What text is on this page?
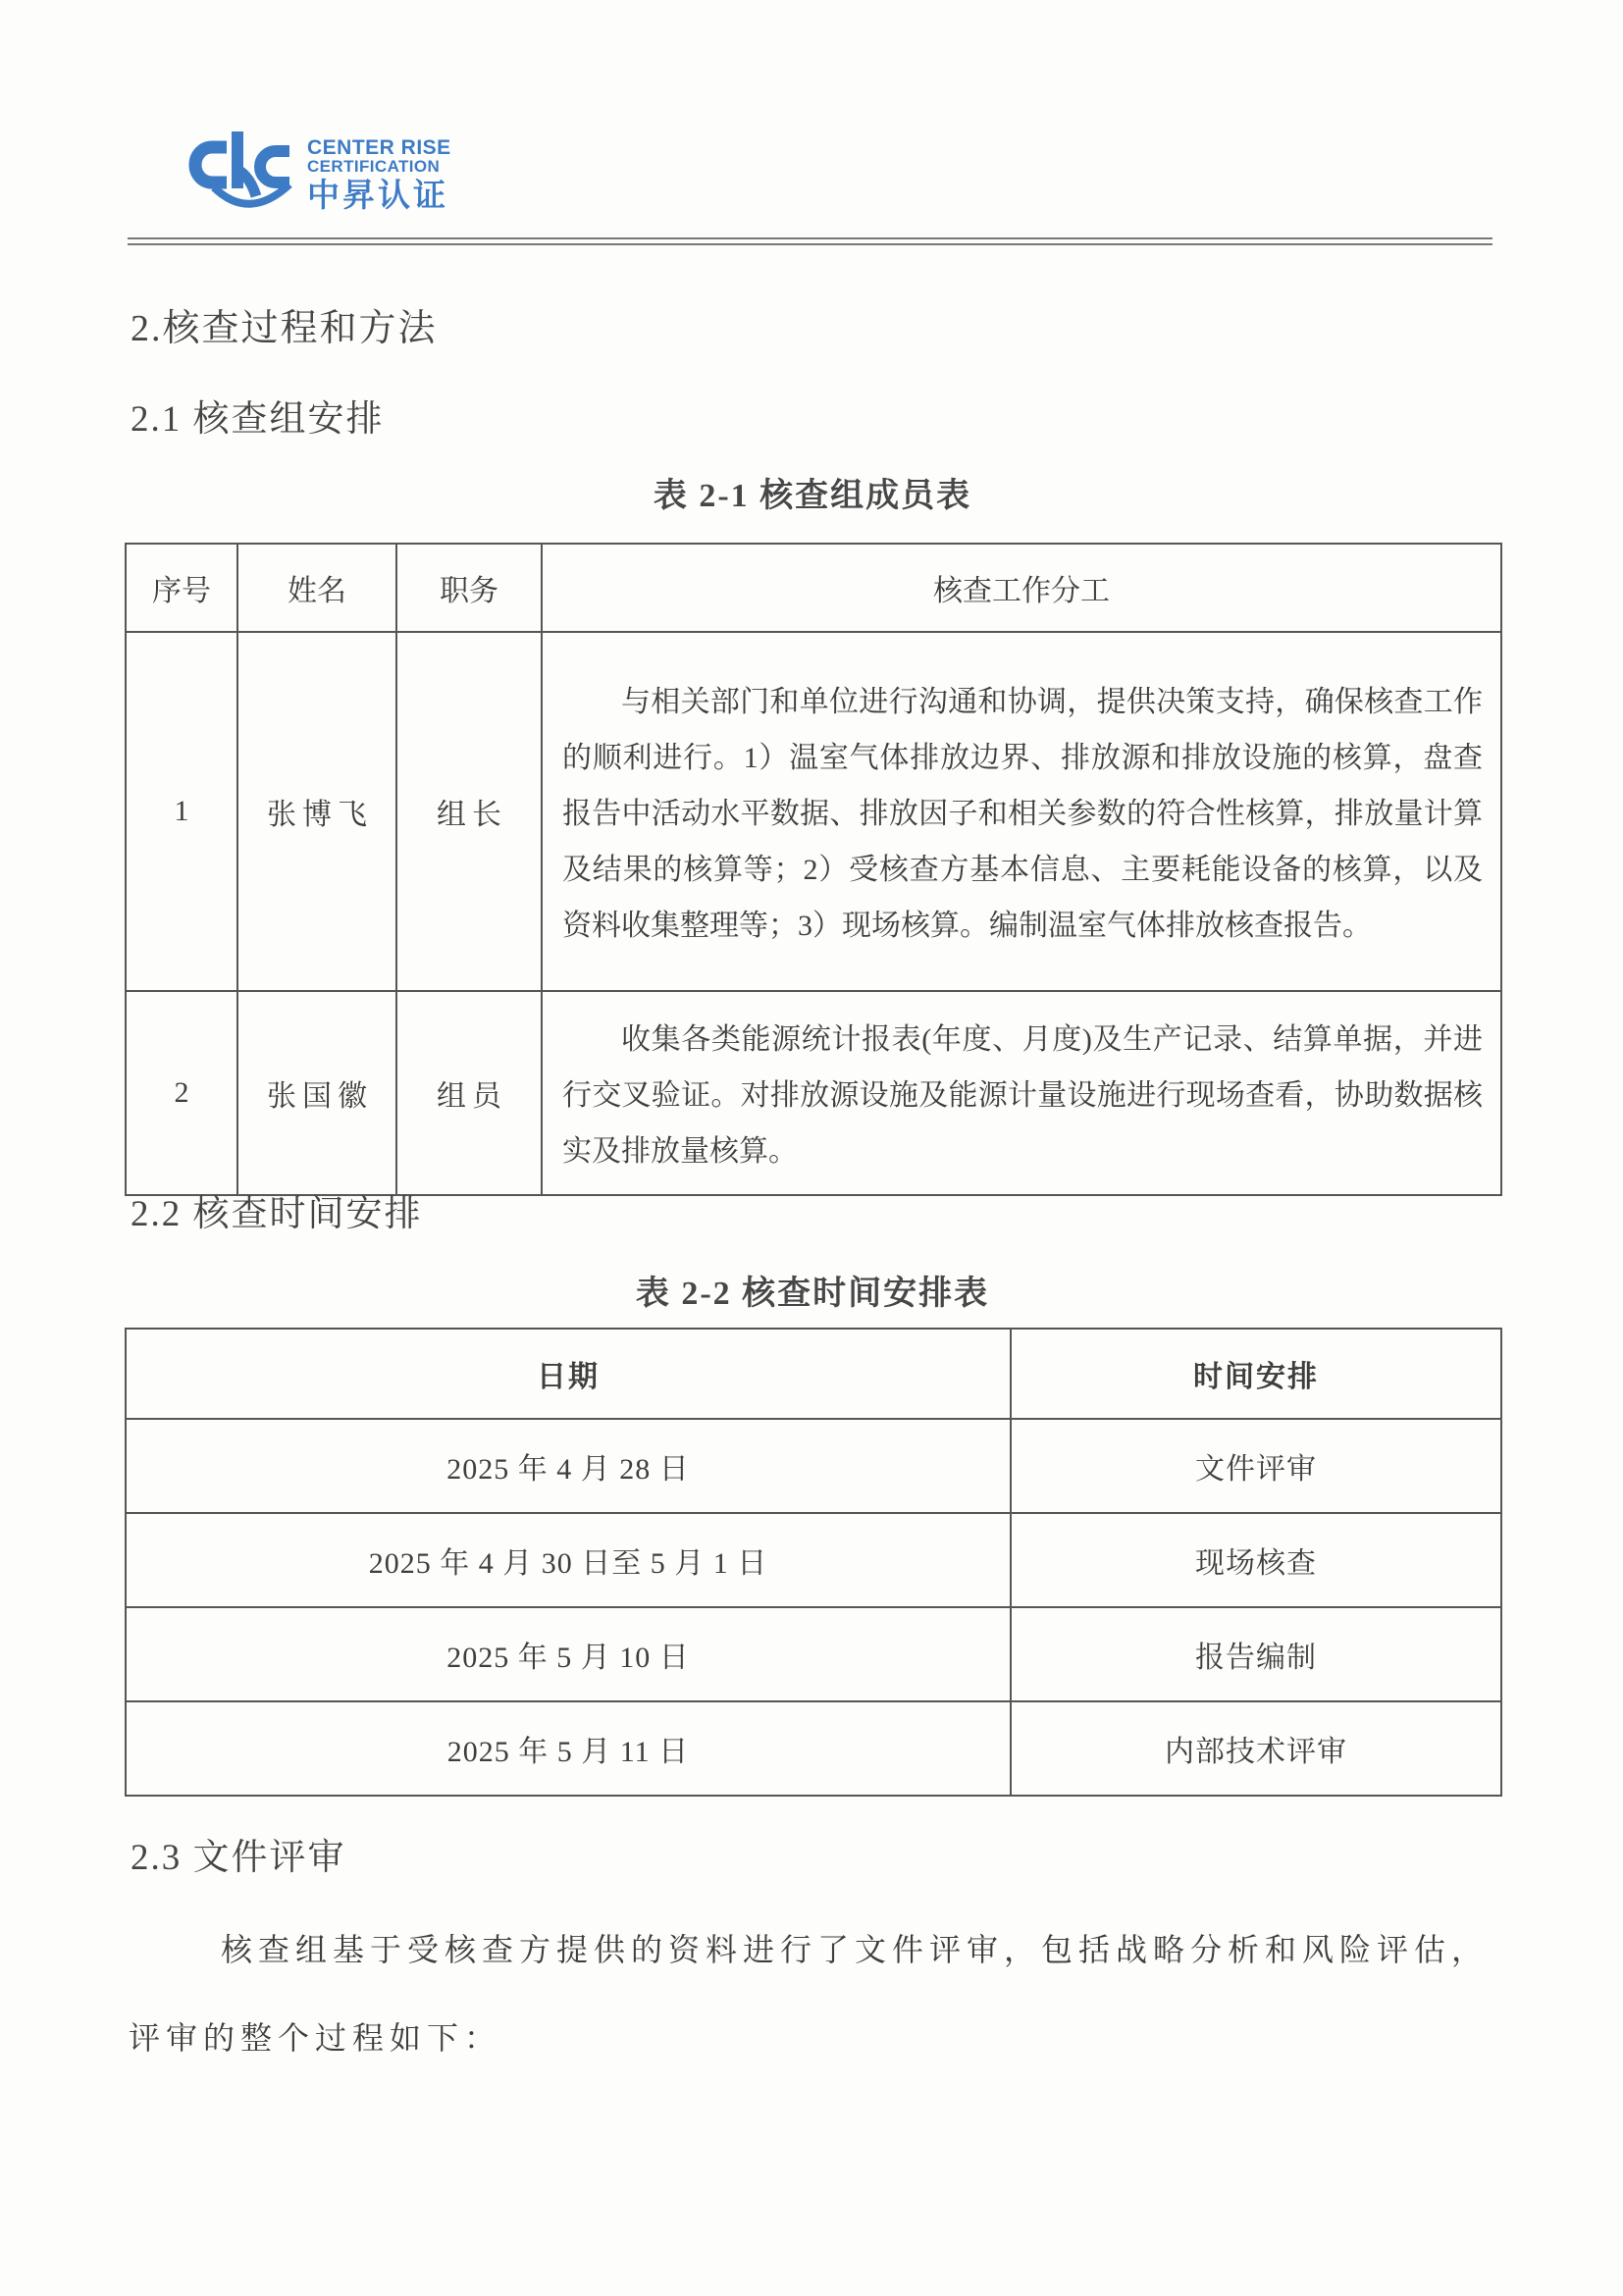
CENTER RISE
CERTIFICATION
中昇认证
2.核查过程和方法
2.1 核查组安排
表 2-1 核查组成员表
序号	姓名	职务	核查工作分工
1	张博飞	组长	与相关部门和单位进行沟通和协调，提供决策支持，确保核查工作的顺利进行。1）温室气体排放边界、排放源和排放设施的核算，盘查报告中活动水平数据、排放因子和相关参数的符合性核算，排放量计算及结果的核算等；2）受核查方基本信息、主要耗能设备的核算，以及资料收集整理等；3）现场核算。编制温室气体排放核查报告。
2	张国徽	组员	收集各类能源统计报表(年度、月度)及生产记录、结算单据，并进行交叉验证。对排放源设施及能源计量设施进行现场查看，协助数据核实及排放量核算。
2.2 核查时间安排
表 2-2 核查时间安排表
日期	时间安排
2025 年 4 月 28 日	文件评审
2025 年 4 月 30 日至 5 月 1 日	现场核查
2025 年 5 月 10 日	报告编制
2025 年 5 月 11 日	内部技术评审
2.3 文件评审
核查组基于受核查方提供的资料进行了文件评审，包括战略分析和风险评估，
评审的整个过程如下：
